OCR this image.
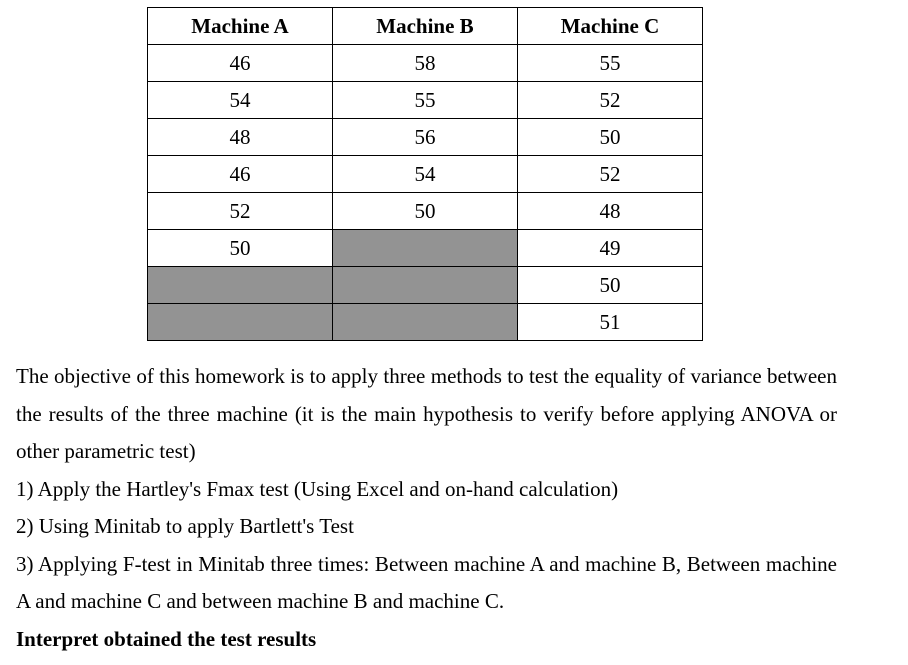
Machine A	Machine B	Machine C
46	58	55
54	55	52
48	56	50
46	54	52
52	50	48
50		49
		50
		51

The objective of this homework is to apply three methods to test the equality of variance between the results of the three machine (it is the main hypothesis to verify before applying ANOVA or other parametric test)

1) Apply the Hartley's Fmax test (Using Excel and on-hand calculation)

2) Using Minitab to apply Bartlett's Test

3) Applying F-test in Minitab three times: Between machine A and machine B, Between machine A and machine C and between machine B and machine C.

Interpret obtained the test results
